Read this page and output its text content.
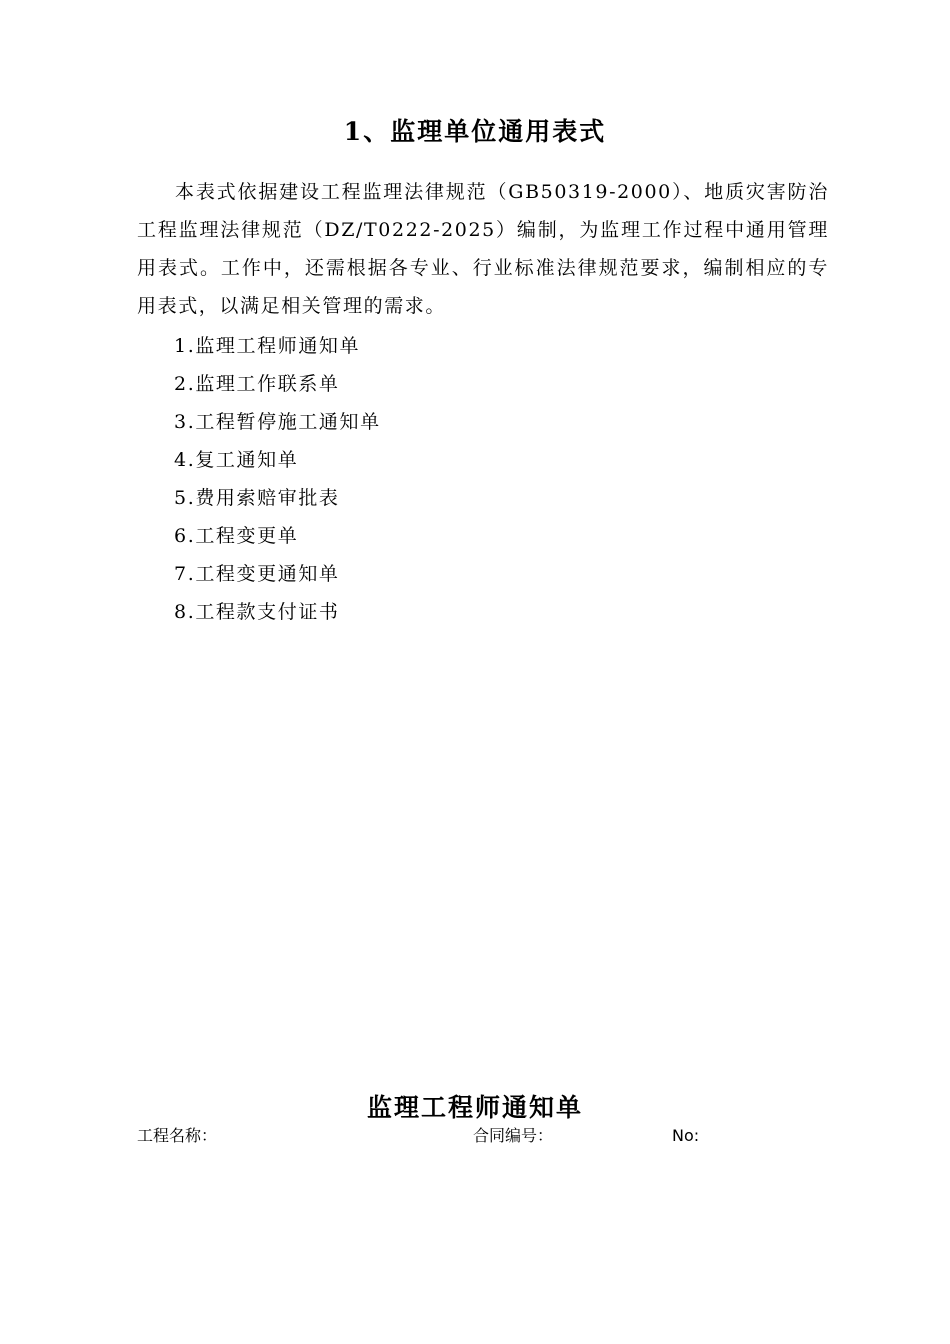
1、监理单位通用表式

本表式依据建设工程监理法律规范（GB50319-2000）、地质灾害防治工程监理法律规范（DZ/T0222-2025）编制，为监理工作过程中通用管理用表式。工作中，还需根据各专业、行业标准法律规范要求，编制相应的专用表式，以满足相关管理的需求。

1.监理工程师通知单
2.监理工作联系单
3.工程暂停施工通知单
4.复工通知单
5.费用索赔审批表
6.工程变更单
7.工程变更通知单
8.工程款支付证书
监理工程师通知单
工程名称：	合同编号：	No:
